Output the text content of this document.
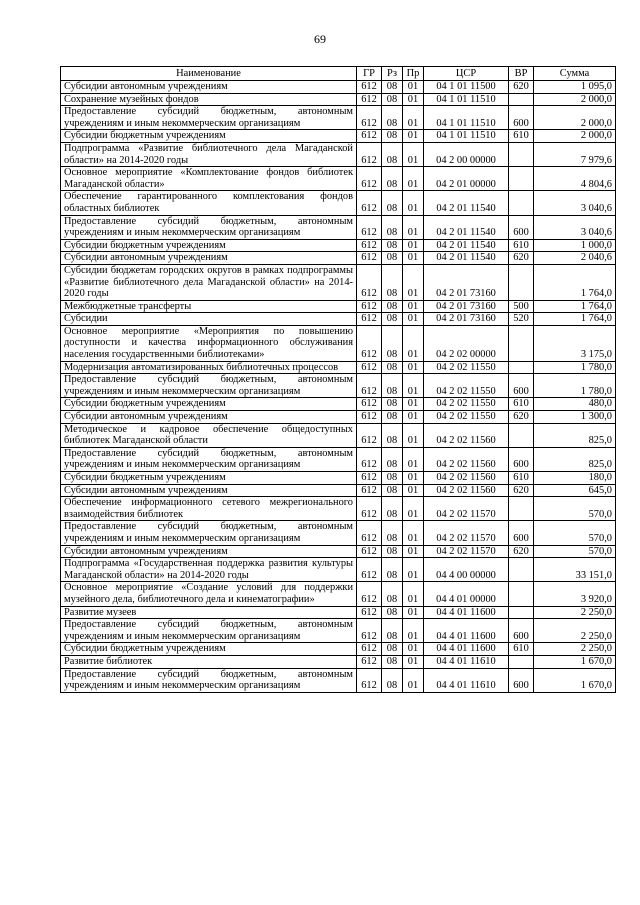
69
Наименование	ГР	Рз	Пр	ЦСР	ВР	Сумма
Субсидии автономным учреждениям	612	08	01	04 1 01 11500	620	1 095,0
Сохранение музейных фондов	612	08	01	04 1 01 11510		2 000,0
Предоставление субсидий бюджетным, автономным учреждениям и иным некоммерческим организациям	612	08	01	04 1 01 11510	600	2 000,0
Субсидии бюджетным учреждениям	612	08	01	04 1 01 11510	610	2 000,0
Подпрограмма «Развитие библиотечного дела Магаданской области» на 2014-2020 годы	612	08	01	04 2 00 00000		7 979,6
Основное мероприятие «Комплектование фондов библиотек Магаданской области»	612	08	01	04 2 01 00000		4 804,6
Обеспечение гарантированного комплектования фондов областных библиотек	612	08	01	04 2 01 11540		3 040,6
Предоставление субсидий бюджетным, автономным учреждениям и иным некоммерческим организациям	612	08	01	04 2 01 11540	600	3 040,6
Субсидии бюджетным учреждениям	612	08	01	04 2 01 11540	610	1 000,0
Субсидии автономным учреждениям	612	08	01	04 2 01 11540	620	2 040,6
Субсидии бюджетам городских округов в рамках подпрограммы «Развитие библиотечного дела Магаданской области» на 2014-2020 годы	612	08	01	04 2 01 73160		1 764,0
Межбюджетные трансферты	612	08	01	04 2 01 73160	500	1 764,0
Субсидии	612	08	01	04 2 01 73160	520	1 764,0
Основное мероприятие «Мероприятия по повышению доступности и качества информационного обслуживания населения государственными библиотеками»	612	08	01	04 2 02 00000		3 175,0
Модернизация автоматизированных библиотечных процессов	612	08	01	04 2 02 11550		1 780,0
Предоставление субсидий бюджетным, автономным учреждениям и иным некоммерческим организациям	612	08	01	04 2 02 11550	600	1 780,0
Субсидии бюджетным учреждениям	612	08	01	04 2 02 11550	610	480,0
Субсидии автономным учреждениям	612	08	01	04 2 02 11550	620	1 300,0
Методическое и кадровое обеспечение общедоступных библиотек Магаданской области	612	08	01	04 2 02 11560		825,0
Предоставление субсидий бюджетным, автономным учреждениям и иным некоммерческим организациям	612	08	01	04 2 02 11560	600	825,0
Субсидии бюджетным учреждениям	612	08	01	04 2 02 11560	610	180,0
Субсидии автономным учреждениям	612	08	01	04 2 02 11560	620	645,0
Обеспечение информационного сетевого межрегионального взаимодействия библиотек	612	08	01	04 2 02 11570		570,0
Предоставление субсидий бюджетным, автономным учреждениям и иным некоммерческим организациям	612	08	01	04 2 02 11570	600	570,0
Субсидии автономным учреждениям	612	08	01	04 2 02 11570	620	570,0
Подпрограмма «Государственная поддержка развития культуры Магаданской области» на 2014-2020 годы	612	08	01	04 4 00 00000		33 151,0
Основное мероприятие «Создание условий для поддержки музейного дела, библиотечного дела и кинематографии»	612	08	01	04 4 01 00000		3 920,0
Развитие музеев	612	08	01	04 4 01 11600		2 250,0
Предоставление субсидий бюджетным, автономным учреждениям и иным некоммерческим организациям	612	08	01	04 4 01 11600	600	2 250,0
Субсидии бюджетным учреждениям	612	08	01	04 4 01 11600	610	2 250,0
Развитие библиотек	612	08	01	04 4 01 11610		1 670,0
Предоставление субсидий бюджетным, автономным учреждениям и иным некоммерческим организациям	612	08	01	04 4 01 11610	600	1 670,0
